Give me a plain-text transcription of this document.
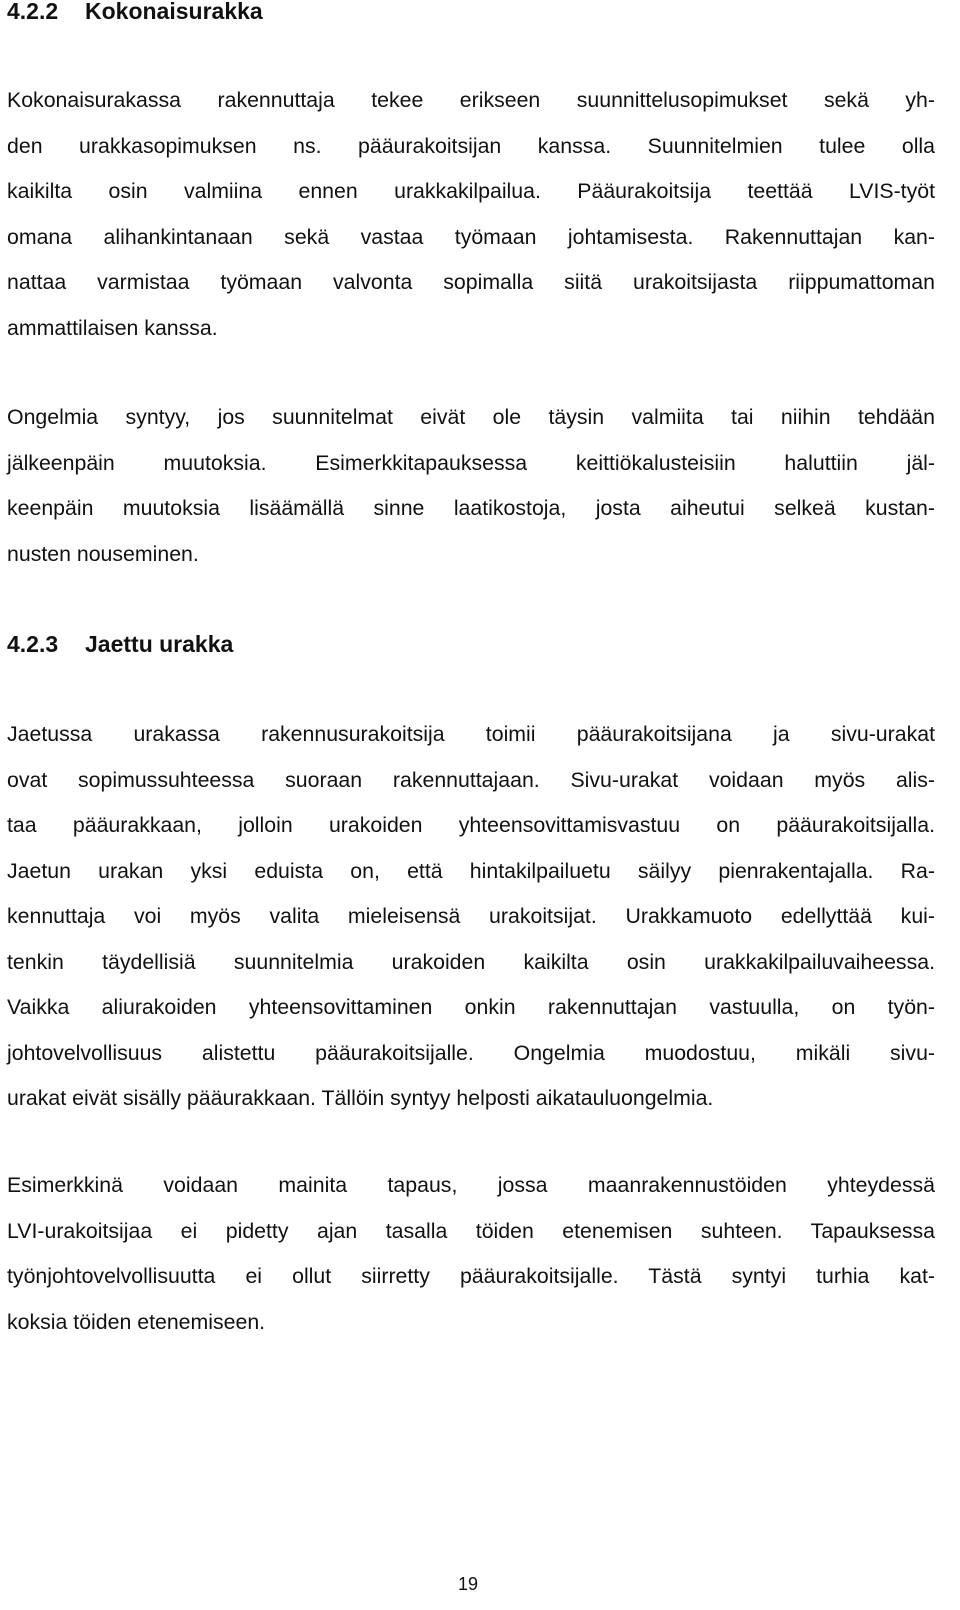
4.2.2 Kokonaisurakka

Kokonaisurakassa rakennuttaja tekee erikseen suunnittelusopimukset sekä yh-
den urakkasopimuksen ns. pääurakoitsijan kanssa. Suunnitelmien tulee olla
kaikilta osin valmiina ennen urakkakilpailua. Pääurakoitsija teettää LVIS-työt
omana alihankintanaan sekä vastaa työmaan johtamisesta. Rakennuttajan kan-
nattaa varmistaa työmaan valvonta sopimalla siitä urakoitsijasta riippumattoman
ammattilaisen kanssa.

Ongelmia syntyy, jos suunnitelmat eivät ole täysin valmiita tai niihin tehdään
jälkeenpäin muutoksia. Esimerkkitapauksessa keittiökalusteisiin haluttiin jäl-
keenpäin muutoksia lisäämällä sinne laatikostoja, josta aiheutui selkeä kustan-
nusten nouseminen.

4.2.3 Jaettu urakka

Jaetussa urakassa rakennusurakoitsija toimii pääurakoitsijana ja sivu-urakat
ovat sopimussuhteessa suoraan rakennuttajaan. Sivu-urakat voidaan myös alis-
taa pääurakkaan, jolloin urakoiden yhteensovittamisvastuu on pääurakoitsijalla.
Jaetun urakan yksi eduista on, että hintakilpailuetu säilyy pienrakentajalla. Ra-
kennuttaja voi myös valita mieleisensä urakoitsijat. Urakkamuoto edellyttää kui-
tenkin täydellisiä suunnitelmia urakoiden kaikilta osin urakkakilpailuvaiheessa.
Vaikka aliurakoiden yhteensovittaminen onkin rakennuttajan vastuulla, on työn-
johtovelvollisuus alistettu pääurakoitsijalle. Ongelmia muodostuu, mikäli sivu-
urakat eivät sisälly pääurakkaan. Tällöin syntyy helposti aikatauluongelmia.

Esimerkkinä voidaan mainita tapaus, jossa maanrakennustöiden yhteydessä
LVI-urakoitsijaa ei pidetty ajan tasalla töiden etenemisen suhteen. Tapauksessa
työnjohtovelvollisuutta ei ollut siirretty pääurakoitsijalle. Tästä syntyi turhia kat-
koksia töiden etenemiseen.

19
